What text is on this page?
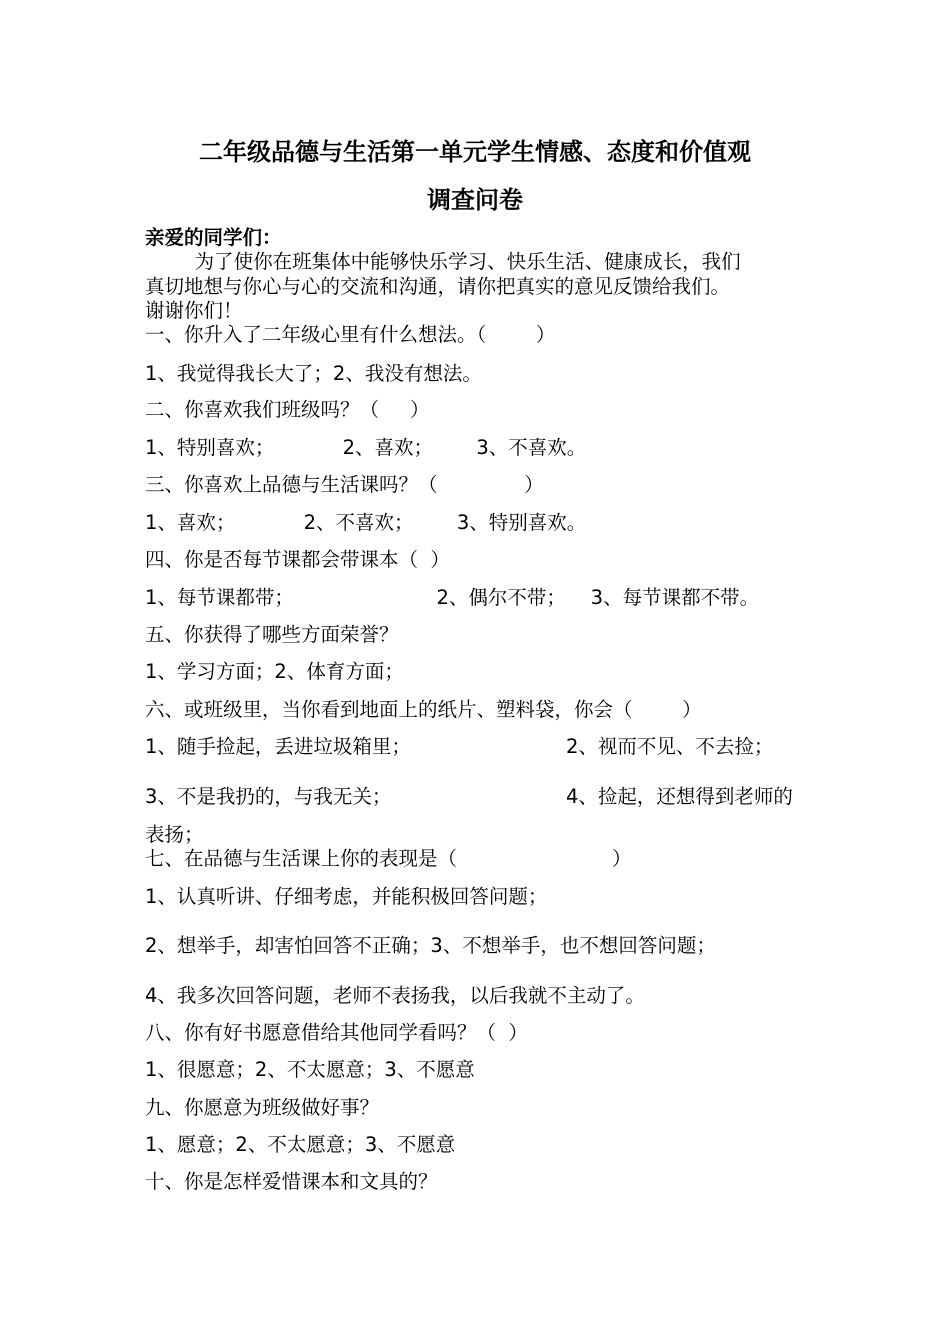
二年级品德与生活第一单元学生情感、态度和价值观
调查问卷
亲爱的同学们：
为了使你在班集体中能够快乐学习、快乐生活、健康成长，我们
真切地想与你心与心的交流和沟通，请你把真实的意见反馈给我们。
谢谢你们！
一、你升入了二年级心里有什么想法。（        ）
1、我觉得我长大了；2、我没有想法。
二、你喜欢我们班级吗？（     ）
1、特别喜欢；           2、喜欢；       3、不喜欢。
三、你喜欢上品德与生活课吗？（              ）
1、喜欢；           2、不喜欢；       3、特别喜欢。
四、你是否每节课都会带课本（  ）
1、每节课都带；                       2、偶尔不带；    3、每节课都不带。
五、你获得了哪些方面荣誉？
1、学习方面；2、体育方面；
六、或班级里，当你看到地面上的纸片、塑料袋，你会（        ）
1、随手捡起，丢进垃圾箱里；	2、视而不见、不去捡；
3、不是我扔的，与我无关；	4、捡起，还想得到老师的
表扬；
七、在品德与生活课上你的表现是（                         ）
1、认真听讲、仔细考虑，并能积极回答问题；
2、想举手，却害怕回答不正确；3、不想举手，也不想回答问题；
4、我多次回答问题，老师不表扬我，以后我就不主动了。
八、你有好书愿意借给其他同学看吗？（  ）
1、很愿意；2、不太愿意；3、不愿意
九、你愿意为班级做好事？
1、愿意；2、不太愿意；3、不愿意
十、你是怎样爱惜课本和文具的？
